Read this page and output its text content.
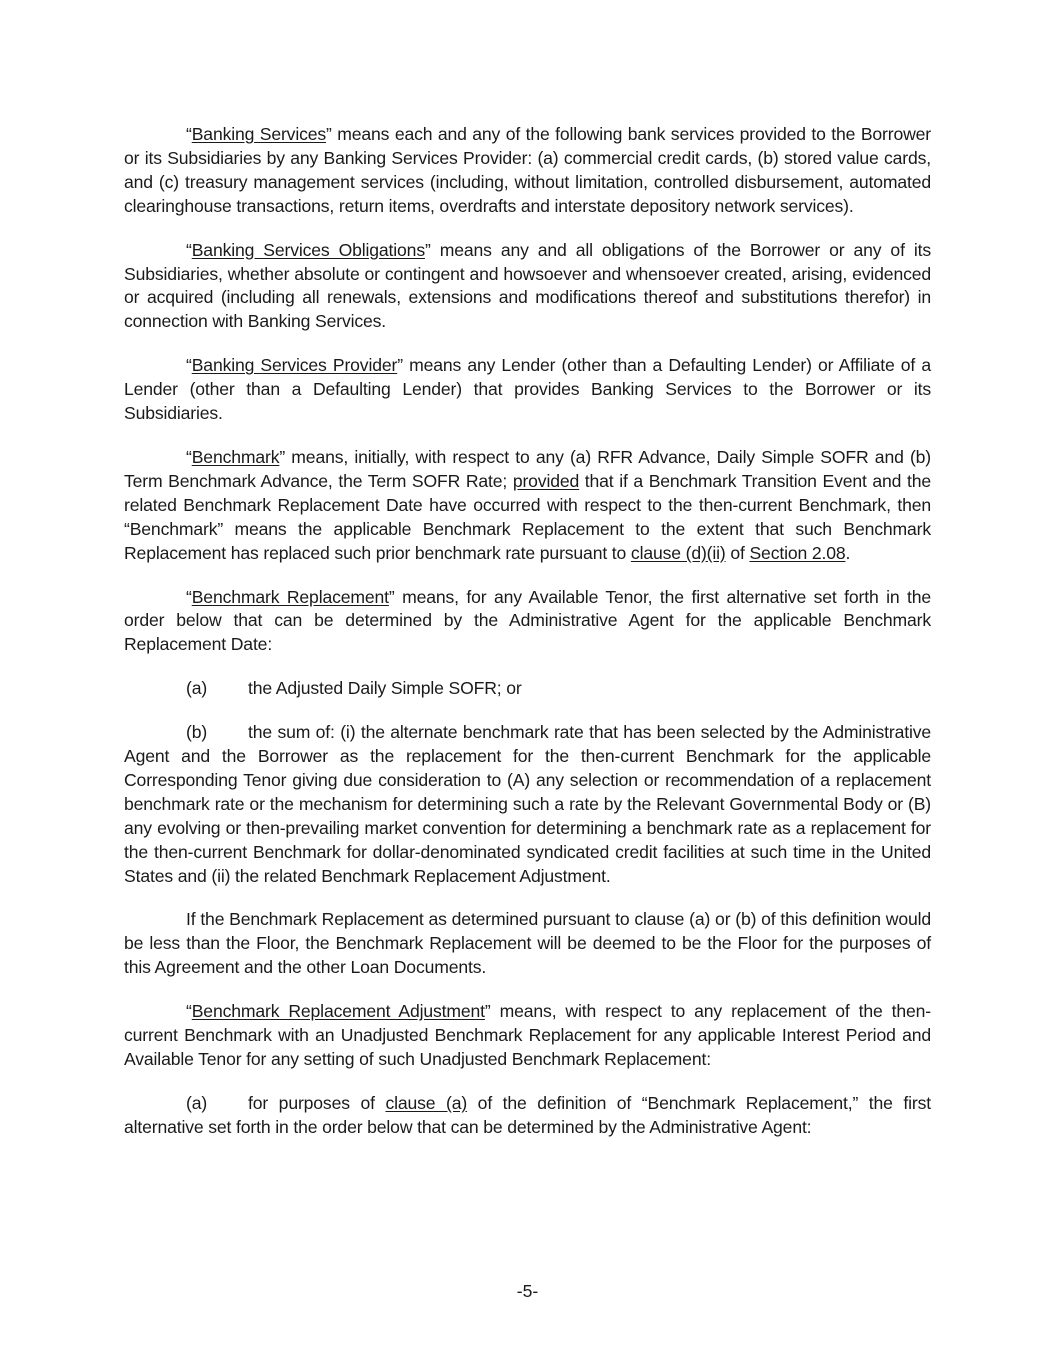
“Banking Services” means each and any of the following bank services provided to the Borrower or its Subsidiaries by any Banking Services Provider: (a) commercial credit cards, (b) stored value cards, and (c) treasury management services (including, without limitation, controlled disbursement, automated clearinghouse transactions, return items, overdrafts and interstate depository network services).

“Banking Services Obligations” means any and all obligations of the Borrower or any of its Subsidiaries, whether absolute or contingent and howsoever and whensoever created, arising, evidenced or acquired (including all renewals, extensions and modifications thereof and substitutions therefor) in connection with Banking Services.

“Banking Services Provider” means any Lender (other than a Defaulting Lender) or Affiliate of a Lender (other than a Defaulting Lender) that provides Banking Services to the Borrower or its Subsidiaries.

“Benchmark” means, initially, with respect to any (a) RFR Advance, Daily Simple SOFR and (b) Term Benchmark Advance, the Term SOFR Rate; provided that if a Benchmark Transition Event and the related Benchmark Replacement Date have occurred with respect to the then-current Benchmark, then “Benchmark” means the applicable Benchmark Replacement to the extent that such Benchmark Replacement has replaced such prior benchmark rate pursuant to clause (d)(ii) of Section 2.08.

“Benchmark Replacement” means, for any Available Tenor, the first alternative set forth in the order below that can be determined by the Administrative Agent for the applicable Benchmark Replacement Date:

(a) the Adjusted Daily Simple SOFR; or

(b) the sum of: (i) the alternate benchmark rate that has been selected by the Administrative Agent and the Borrower as the replacement for the then-current Benchmark for the applicable Corresponding Tenor giving due consideration to (A) any selection or recommendation of a replacement benchmark rate or the mechanism for determining such a rate by the Relevant Governmental Body or (B) any evolving or then-prevailing market convention for determining a benchmark rate as a replacement for the then-current Benchmark for dollar-denominated syndicated credit facilities at such time in the United States and (ii) the related Benchmark Replacement Adjustment.

If the Benchmark Replacement as determined pursuant to clause (a) or (b) of this definition would be less than the Floor, the Benchmark Replacement will be deemed to be the Floor for the purposes of this Agreement and the other Loan Documents.

“Benchmark Replacement Adjustment” means, with respect to any replacement of the then-current Benchmark with an Unadjusted Benchmark Replacement for any applicable Interest Period and Available Tenor for any setting of such Unadjusted Benchmark Replacement:

(a) for purposes of clause (a) of the definition of “Benchmark Replacement,” the first alternative set forth in the order below that can be determined by the Administrative Agent:

-5-
